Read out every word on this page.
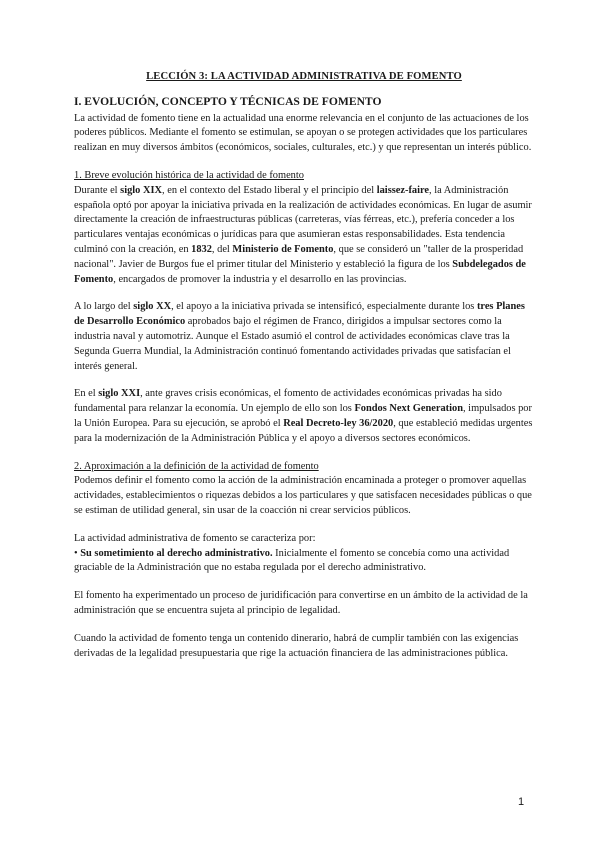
LECCIÓN 3: LA ACTIVIDAD ADMINISTRATIVA DE FOMENTO
I. EVOLUCIÓN, CONCEPTO Y TÉCNICAS DE FOMENTO

La actividad de fomento tiene en la actualidad una enorme relevancia en el conjunto de las actuaciones de los poderes públicos. Mediante el fomento se estimulan, se apoyan o se protegen actividades que los particulares realizan en muy diversos ámbitos (económicos, sociales, culturales, etc.) y que representan un interés público.

1. Breve evolución histórica de la actividad de fomento

Durante el siglo XIX, en el contexto del Estado liberal y el principio del laissez-faire, la Administración española optó por apoyar la iniciativa privada en la realización de actividades económicas. En lugar de asumir directamente la creación de infraestructuras públicas (carreteras, vías férreas, etc.), prefería conceder a los particulares ventajas económicas o jurídicas para que asumieran estas responsabilidades. Esta tendencia culminó con la creación, en 1832, del Ministerio de Fomento, que se consideró un "taller de la prosperidad nacional". Javier de Burgos fue el primer titular del Ministerio y estableció la figura de los Subdelegados de Fomento, encargados de promover la industria y el desarrollo en las provincias.

A lo largo del siglo XX, el apoyo a la iniciativa privada se intensificó, especialmente durante los tres Planes de Desarrollo Económico aprobados bajo el régimen de Franco, dirigidos a impulsar sectores como la industria naval y automotriz. Aunque el Estado asumió el control de actividades económicas clave tras la Segunda Guerra Mundial, la Administración continuó fomentando actividades privadas que satisfacían el interés general.

En el siglo XXI, ante graves crisis económicas, el fomento de actividades económicas privadas ha sido fundamental para relanzar la economía. Un ejemplo de ello son los Fondos Next Generation, impulsados por la Unión Europea. Para su ejecución, se aprobó el Real Decreto-ley 36/2020, que estableció medidas urgentes para la modernización de la Administración Pública y el apoyo a diversos sectores económicos.

2. Aproximación a la definición de la actividad de fomento

Podemos definir el fomento como la acción de la administración encaminada a proteger o promover aquellas actividades, establecimientos o riquezas debidos a los particulares y que satisfacen necesidades públicas o que se estiman de utilidad general, sin usar de la coacción ni crear servicios públicos.

La actividad administrativa de fomento se caracteriza por:

• Su sometimiento al derecho administrativo. Inicialmente el fomento se concebía como una actividad graciable de la Administración que no estaba regulada por el derecho administrativo.

El fomento ha experimentado un proceso de juridificación para convertirse en un ámbito de la actividad de la administración que se encuentra sujeta al principio de legalidad.

Cuando la actividad de fomento tenga un contenido dinerario, habrá de cumplir también con las exigencias derivadas de la legalidad presupuestaria que rige la actuación financiera de las administraciones pública.

1
